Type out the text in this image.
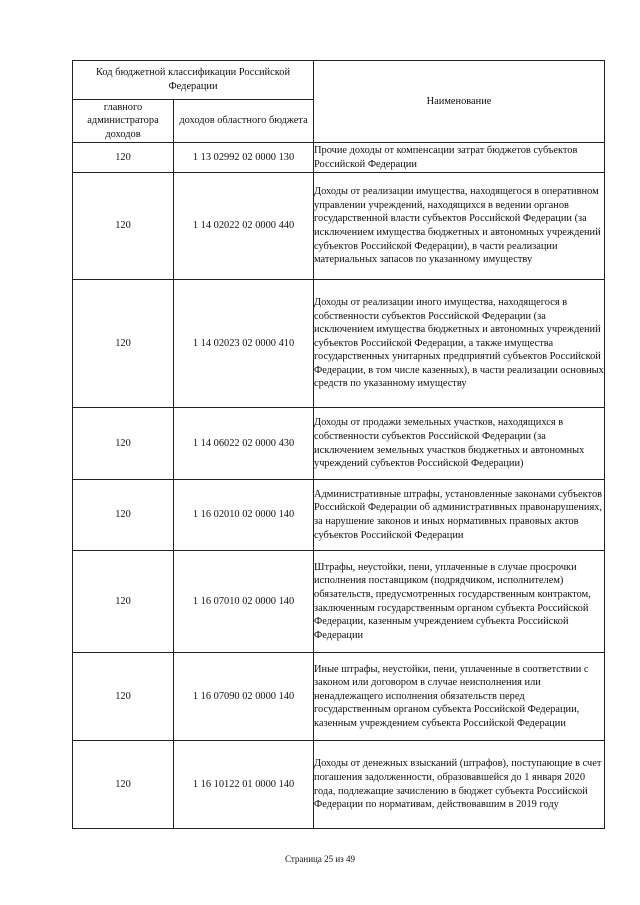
Код бюджетной классификации Российской Федерации		Наименование
главного администратора доходов	доходов областного бюджета	
120	1 13 02992 02 0000 130	Прочие доходы от компенсации затрат бюджетов субъектов Российской Федерации
120	1 14 02022 02 0000 440	Доходы от реализации имущества, находящегося в оперативном управлении учреждений, находящихся в ведении органов государственной власти субъектов Российской Федерации (за исключением имущества бюджетных и автономных учреждений субъектов Российской Федерации), в части реализации материальных запасов по указанному имуществу
120	1 14 02023 02 0000 410	Доходы от реализации иного имущества, находящегося в собственности субъектов Российской Федерации (за исключением имущества бюджетных и автономных учреждений субъектов Российской Федерации, а также имущества государственных унитарных предприятий субъектов Российской Федерации, в том числе казенных), в части реализации основных средств по указанному имуществу
120	1 14 06022 02 0000 430	Доходы от продажи земельных участков, находящихся в собственности субъектов Российской Федерации (за исключением земельных участков бюджетных и автономных учреждений субъектов Российской Федерации)
120	1 16 02010 02 0000 140	Административные штрафы, установленные законами субъектов Российской Федерации об административных правонарушениях, за нарушение законов и иных нормативных правовых актов субъектов Российской Федерации
120	1 16 07010 02 0000 140	Штрафы, неустойки, пени, уплаченные в случае просрочки исполнения поставщиком (подрядчиком, исполнителем) обязательств, предусмотренных государственным контрактом, заключенным государственным органом субъекта Российской Федерации, казенным учреждением субъекта Российской Федерации
120	1 16 07090 02 0000 140	Иные штрафы, неустойки, пени, уплаченные в соответствии с законом или договором в случае неисполнения или ненадлежащего исполнения обязательств перед государственным органом субъекта Российской Федерации, казенным учреждением субъекта Российской Федерации
120	1 16 10122 01 0000 140	Доходы от денежных взысканий (штрафов), поступающие в счет погашения задолженности, образовавшейся до 1 января 2020 года, подлежащие зачислению в бюджет субъекта Российской Федерации по нормативам, действовавшим в 2019 году
Страница 25 из 49
